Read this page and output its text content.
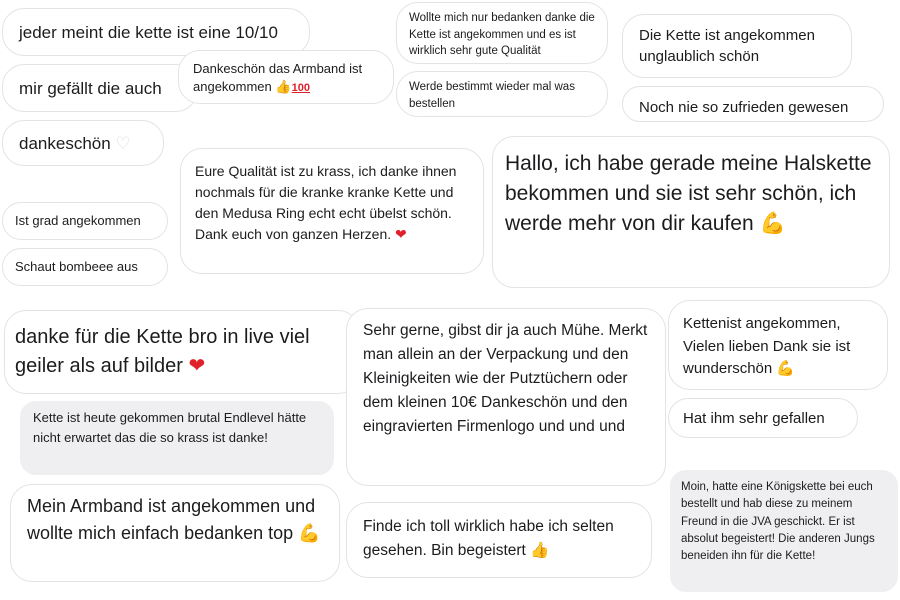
jeder meint die kette ist eine 10/10
mir gefällt die auch
dankeschön ♡
Dankeschön das Armband ist angekommen 👍100
Wollte mich nur bedanken danke die Kette ist angekommen und es ist wirklich sehr gute Qualität
Werde bestimmt wieder mal was bestellen
Die Kette ist angekommen unglaublich schön
Noch nie so zufrieden gewesen
Eure Qualität ist zu krass, ich danke ihnen nochmals für die kranke kranke Kette und den Medusa Ring echt echt übelst schön. Dank euch von ganzen Herzen. ❤
Hallo, ich habe gerade meine Halskette bekommen und sie ist sehr schön, ich werde mehr von dir kaufen 💪
Ist grad angekommen
Schaut bombeee aus
danke für die Kette bro in live viel geiler als auf bilder ❤
Kette ist heute gekommen brutal Endlevel hätte nicht erwartet das die so krass ist danke!
Mein Armband ist angekommen und wollte mich einfach bedanken top 💪
Sehr gerne, gibst dir ja auch Mühe. Merkt man allein an der Verpackung und den Kleinigkeiten wie der Putztüchern oder dem kleinen 10€ Dankeschön und den eingravierten Firmenlogo und und und
Finde ich toll wirklich habe ich selten gesehen. Bin begeistert 👍
Kettenist angekommen, Vielen lieben Dank sie ist wunderschön 💪
Hat ihm sehr gefallen
Moin, hatte eine Königskette bei euch bestellt und hab diese zu meinem Freund in die JVA geschickt. Er ist absolut begeistert! Die anderen Jungs beneiden ihn für die Kette!
